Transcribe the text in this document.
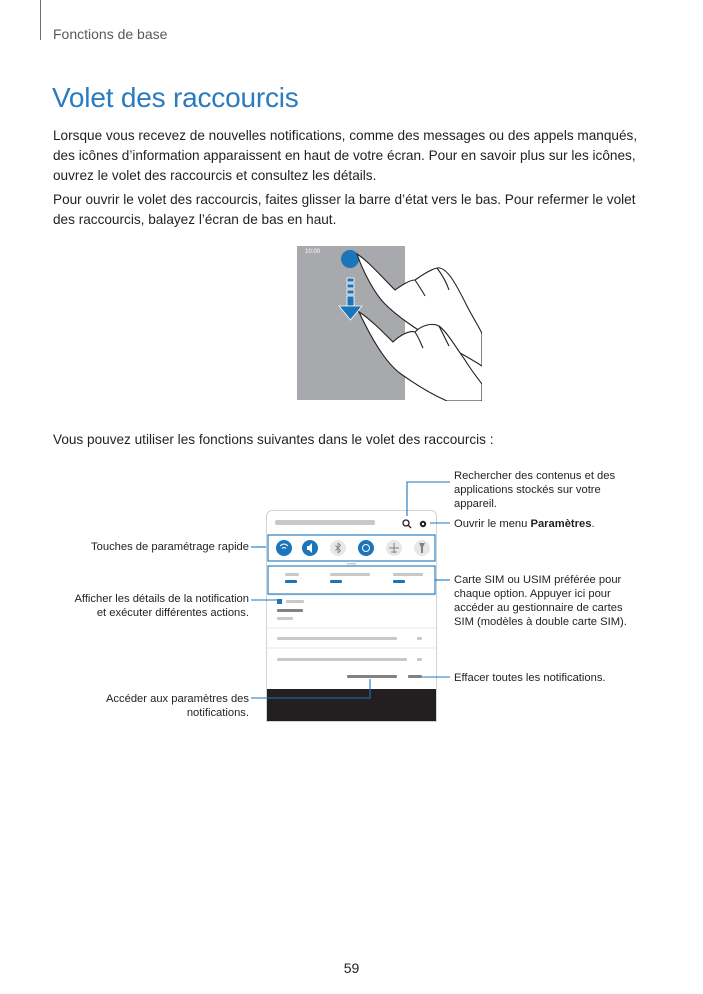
Fonctions de base
Volet des raccourcis

Lorsque vous recevez de nouvelles notifications, comme des messages ou des appels manqués, des icônes d’information apparaissent en haut de votre écran. Pour en savoir plus sur les icônes, ouvrez le volet des raccourcis et consultez les détails.

Pour ouvrir le volet des raccourcis, faites glisser la barre d’état vers le bas. Pour refermer le volet des raccourcis, balayez l’écran de bas en haut.

10:00

Vous pouvez utiliser les fonctions suivantes dans le volet des raccourcis :

Rechercher des contenus et des applications stockés sur votre appareil.
Ouvrir le menu Paramètres.
Touches de paramétrage rapide
Afficher les détails de la notification
et exécuter différentes actions.
Carte SIM ou USIM préférée pour chaque option. Appuyer ici pour accéder au gestionnaire de cartes SIM (modèles à double carte SIM).
Effacer toutes les notifications.
Accéder aux paramètres des
notifications.
59
